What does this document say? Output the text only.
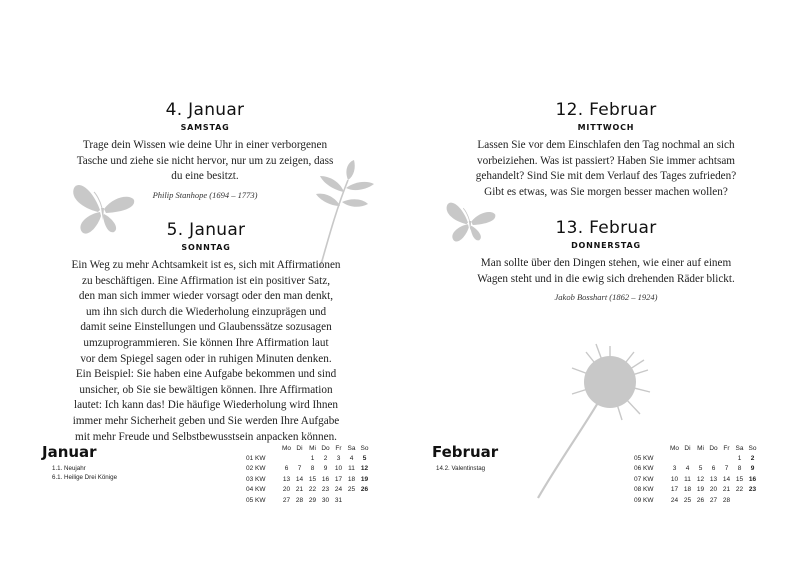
4. Januar
SAMSTAG
Trage dein Wissen wie deine Uhr in einer verborgenen
Tasche und ziehe sie nicht hervor, nur um zu zeigen, dass
du eine besitzt.
Philip Stanhope (1694 – 1773)
5. Januar
SONNTAG
Ein Weg zu mehr Achtsamkeit ist es, sich mit Affirmationen
zu beschäftigen. Eine Affirmation ist ein positiver Satz,
den man sich immer wieder vorsagt oder den man denkt,
um ihn sich durch die Wiederholung einzuprägen und
damit seine Einstellungen und Glaubenssätze sozusagen
umzuprogrammieren. Sie können Ihre Affirmation laut
vor dem Spiegel sagen oder in ruhigen Minuten denken.
Ein Beispiel: Sie haben eine Aufgabe bekommen und sind
unsicher, ob Sie sie bewältigen können. Ihre Affirmation
lautet: Ich kann das! Die häufige Wiederholung wird Ihnen
immer mehr Sicherheit geben und Sie werden Ihre Aufgabe
mit mehr Freude und Selbstbewusstsein anpacken können.
Januar
1.1. Neujahr
6.1. Heilige Drei Könige
	Mo	Di	Mi	Do	Fr	Sa	So
01 KW			1	2	3	4	5
02 KW	6	7	8	9	10	11	12
03 KW	13	14	15	16	17	18	19
04 KW	20	21	22	23	24	25	26
05 KW	27	28	29	30	31		
12. Februar
MITTWOCH
Lassen Sie vor dem Einschlafen den Tag nochmal an sich
vorbeiziehen. Was ist passiert? Haben Sie immer achtsam
gehandelt? Sind Sie mit dem Verlauf des Tages zufrieden?
Gibt es etwas, was Sie morgen besser machen wollen?
13. Februar
DONNERSTAG
Man sollte über den Dingen stehen, wie einer auf einem
Wagen steht und in die ewig sich drehenden Räder blickt.
Jakob Bosshart (1862 – 1924)
Februar
14.2. Valentinstag
	Mo	Di	Mi	Do	Fr	Sa	So
05 KW						1	2
06 KW	3	4	5	6	7	8	9
07 KW	10	11	12	13	14	15	16
08 KW	17	18	19	20	21	22	23
09 KW	24	25	26	27	28		
